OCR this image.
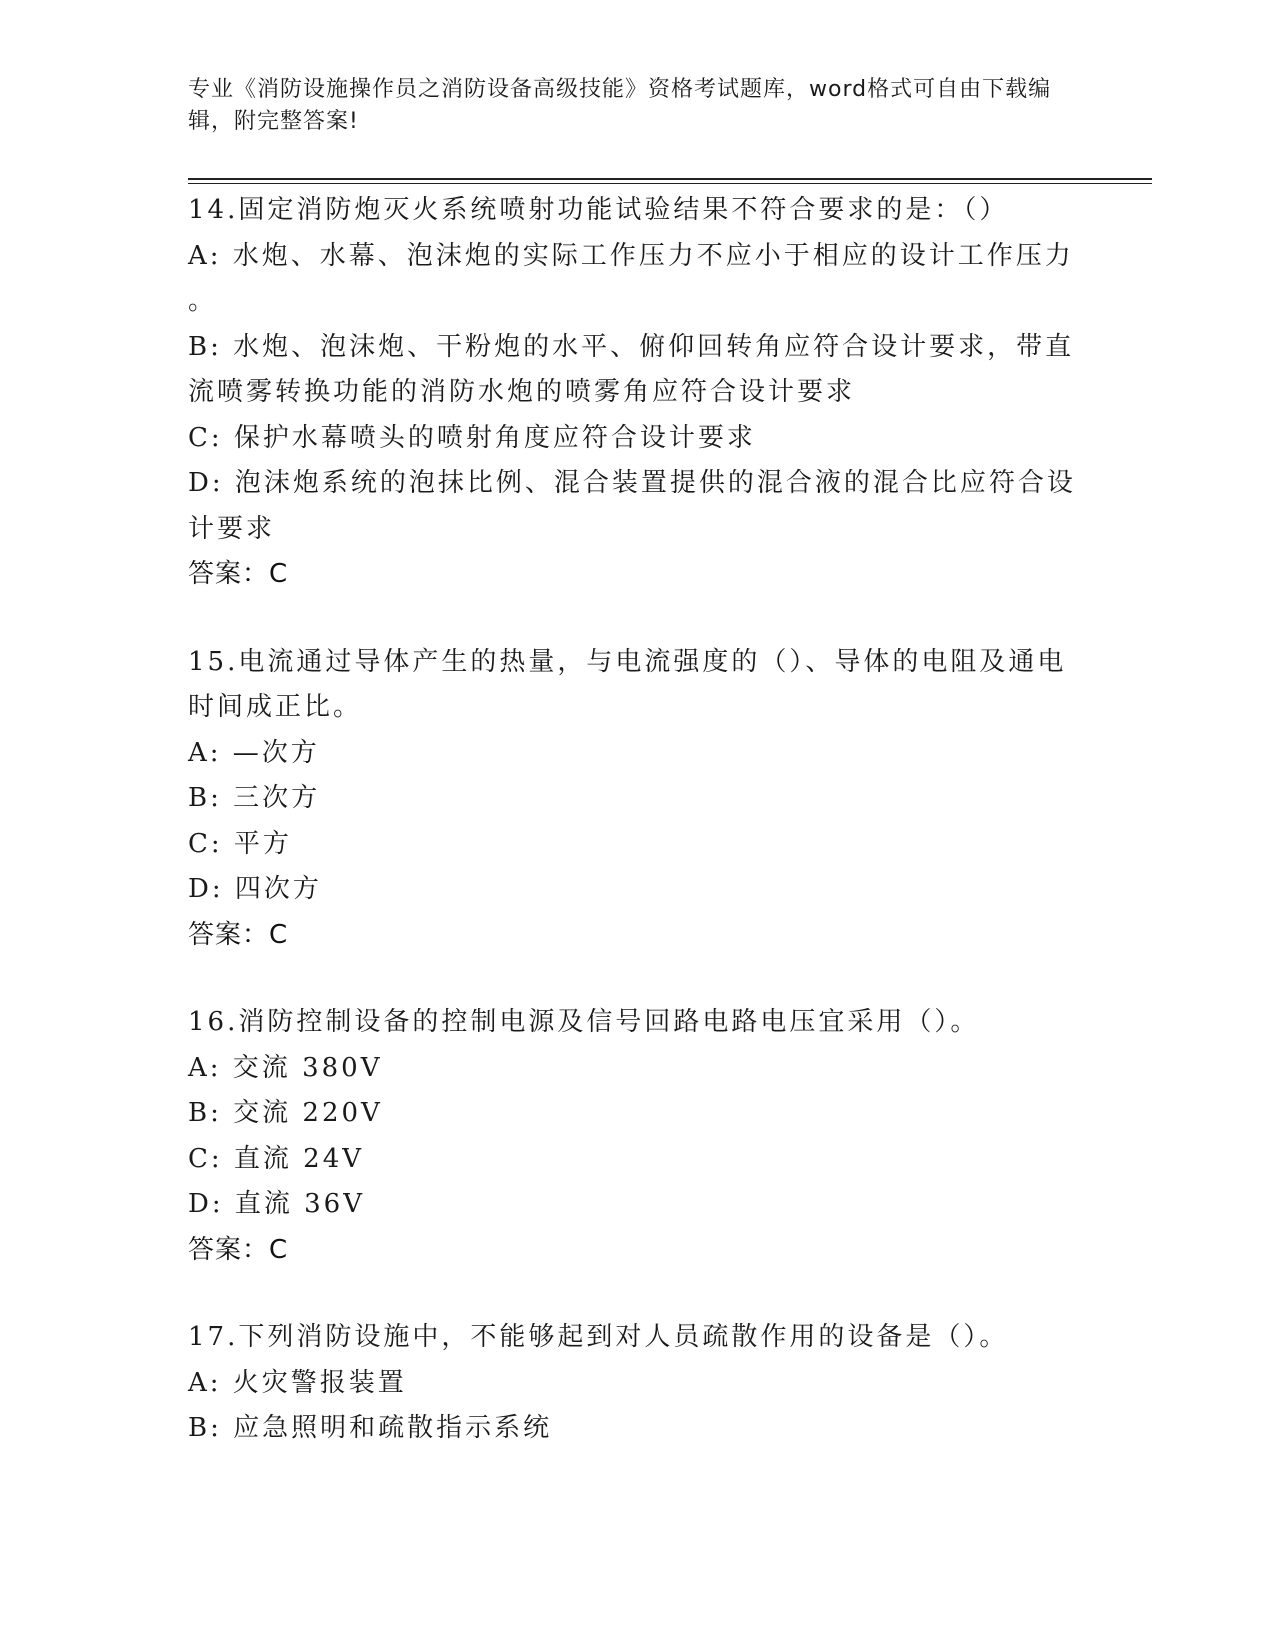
专业《消防设施操作员之消防设备高级技能》资格考试题库，word格式可自由下载编辑，附完整答案!

14.固定消防炮灭火系统喷射功能试验结果不符合要求的是：（）

A: 水炮、水幕、泡沫炮的实际工作压力不应小于相应的设计工作压力
。

B: 水炮、泡沫炮、干粉炮的水平、俯仰回转角应符合设计要求，带直流喷雾转换功能的消防水炮的喷雾角应符合设计要求

C: 保护水幕喷头的喷射角度应符合设计要求

D: 泡沫炮系统的泡抹比例、混合装置提供的混合液的混合比应符合设计要求

答案：C

15.电流通过导体产生的热量，与电流强度的（）、导体的电阻及通电时间成正比。

A: —次方

B: 三次方

C: 平方

D: 四次方

答案：C

16.消防控制设备的控制电源及信号回路电路电压宜采用（）。

A: 交流 380V

B: 交流 220V

C: 直流 24V

D: 直流 36V

答案：C

17.下列消防设施中，不能够起到对人员疏散作用的设备是（）。

A: 火灾警报装置

B: 应急照明和疏散指示系统
